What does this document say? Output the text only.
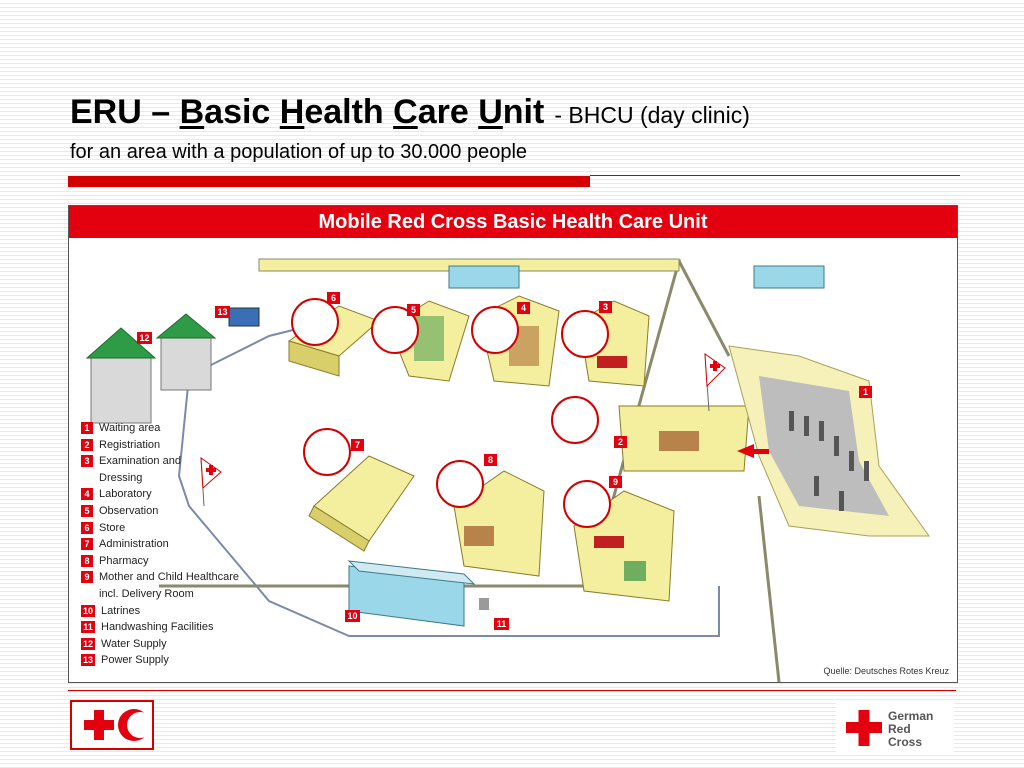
ERU – Basic Health Care Unit - BHCU (day clinic)
for an area with a population of up to 30.000 people
Mobile Red Cross Basic Health Care Unit
1
2
3
4
5
6
7
8
9
10
11
12
13
1 Waiting area
2 Registriation
3 Examination and
Dressing
4 Laboratory
5 Observation
6 Store
7 Administration
8 Pharmacy
9 Mother and Child Healthcare
incl. Delivery Room
10 Latrines
11 Handwashing Facilities
12 Water Supply
13 Power Supply
Quelle: Deutsches Rotes Kreuz
German
Red
Cross
